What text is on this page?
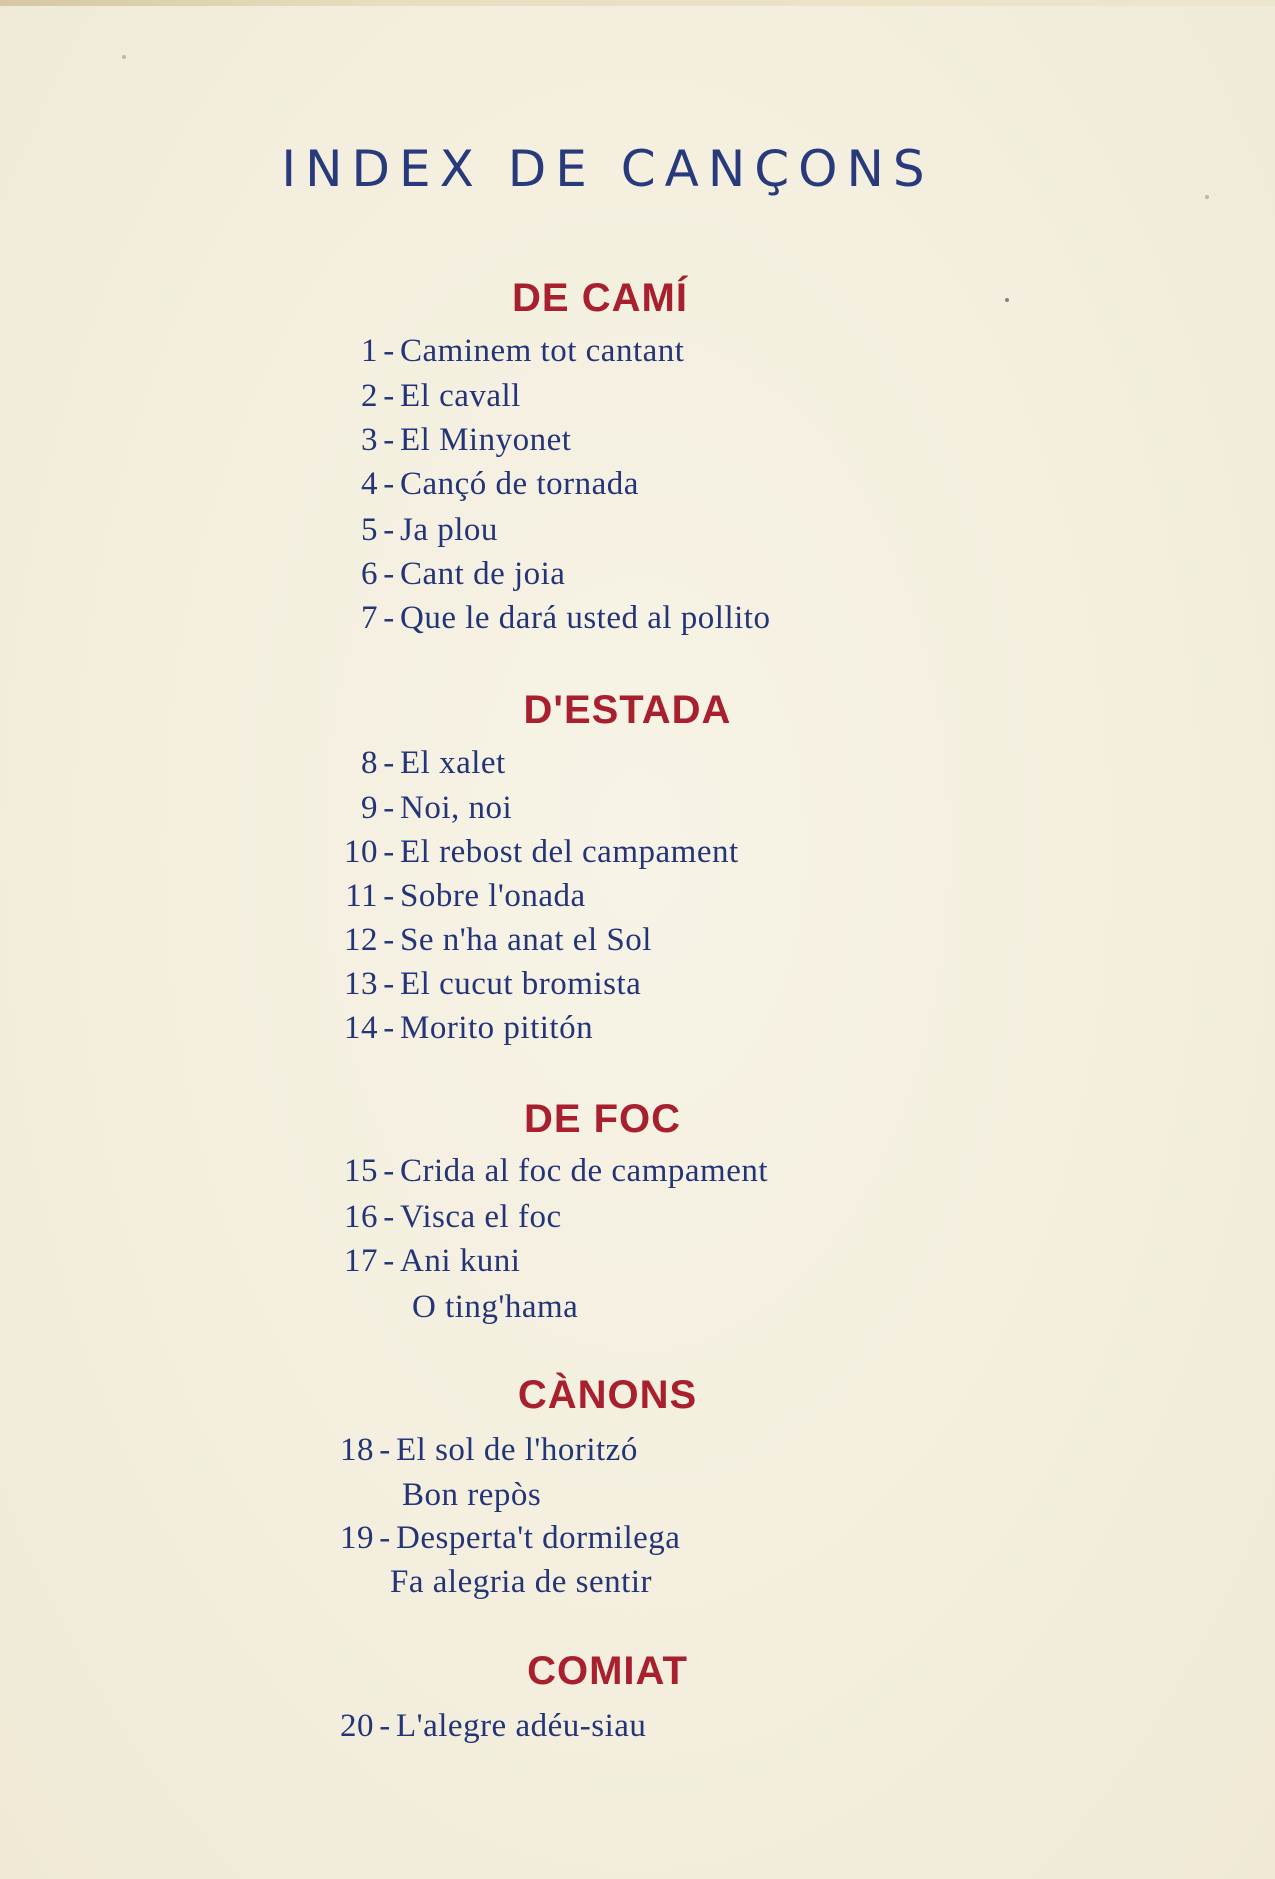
INDEX DE CANÇONS
DE CAMÍ
1 - Caminem tot cantant
2 - El cavall
3 - El Minyonet
4 - Cançó de tornada
5 - Ja plou
6 - Cant de joia
7 - Que le dará usted al pollito
D'ESTADA
8 - El xalet
9 - Noi, noi
10 - El rebost del campament
11 - Sobre l'onada
12 - Se n'ha anat el Sol
13 - El cucut bromista
14 - Morito pititón
DE FOC
15 - Crida al foc de campament
16 - Visca el foc
17 - Ani kuni
O ting'hama
CÀNONS
18 - El sol de l'horitzó
Bon repòs
19 - Desperta't dormilega
Fa alegria de sentir
COMIAT
20 - L'alegre adéu-siau
